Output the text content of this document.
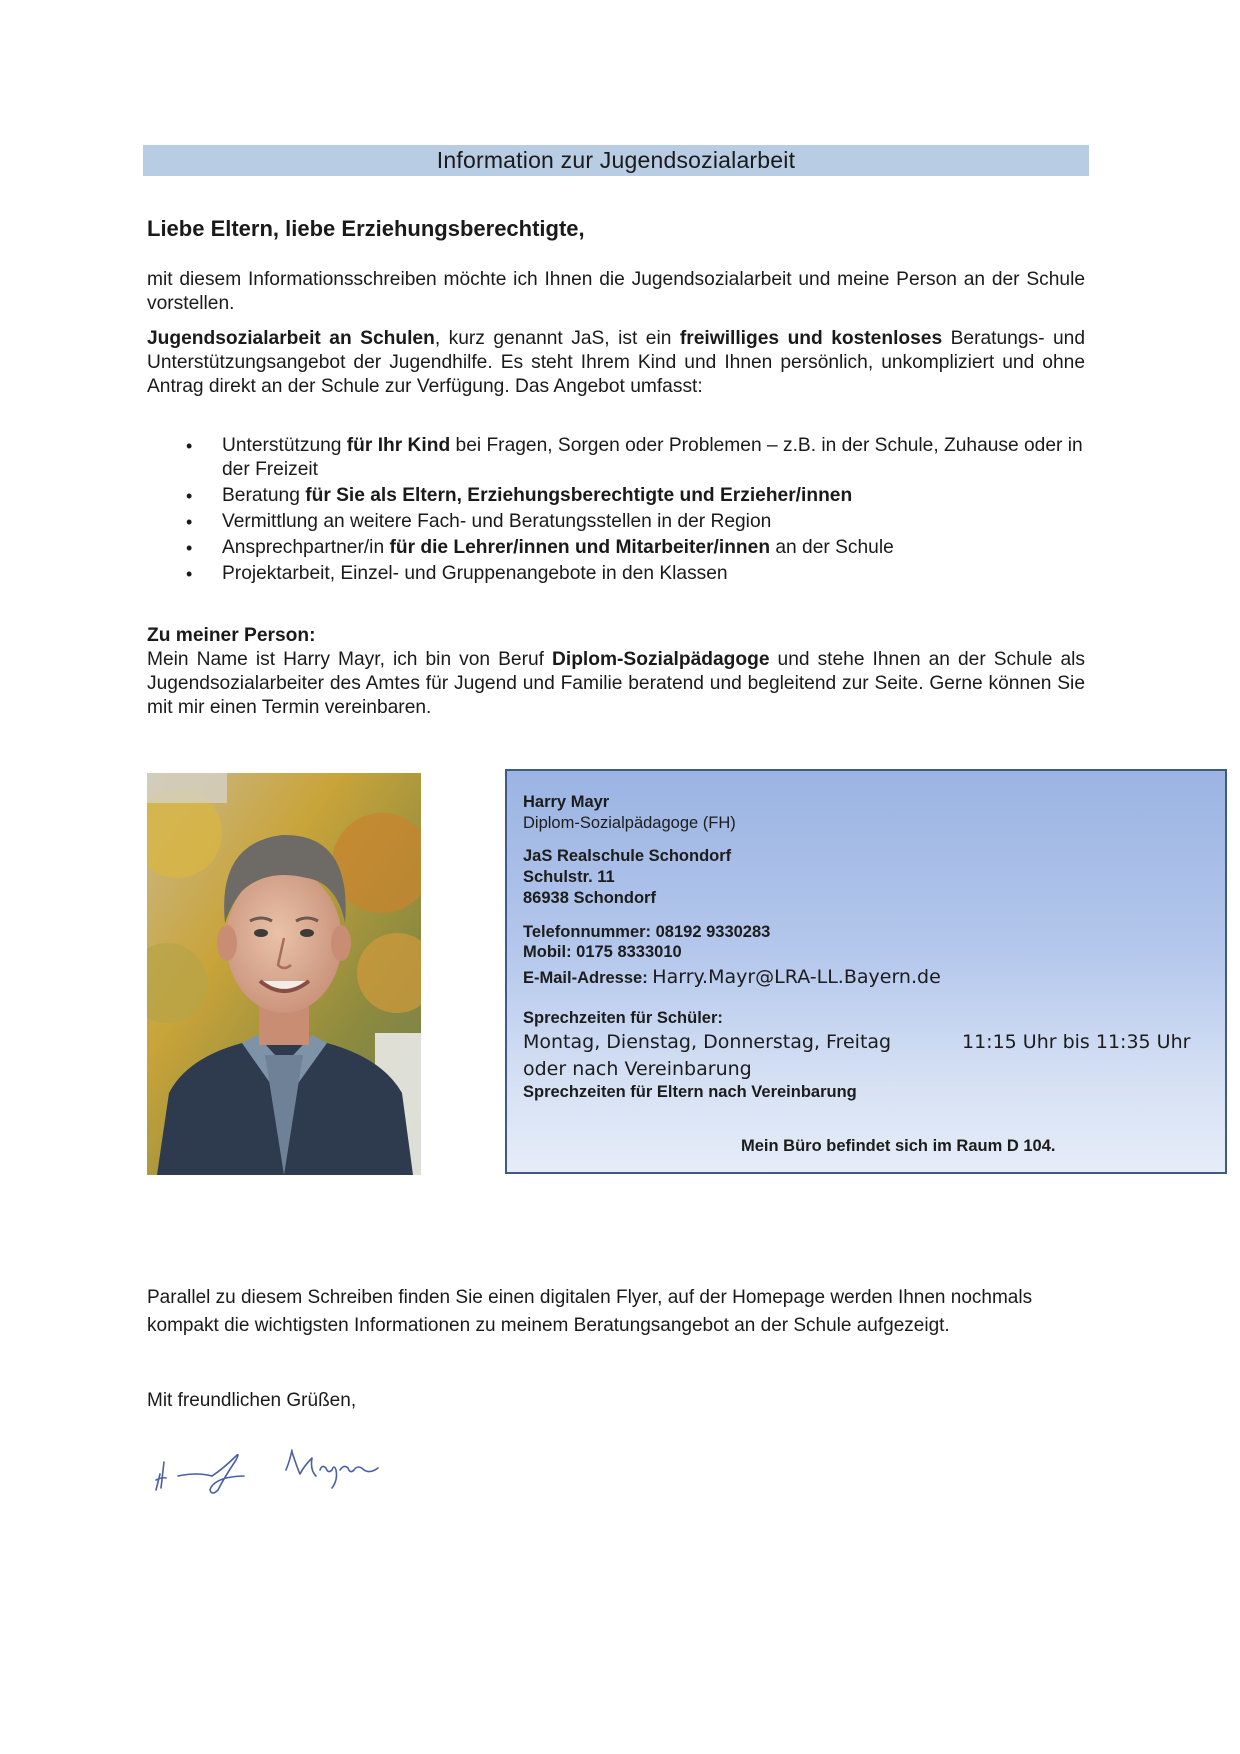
Information zur Jugendsozialarbeit
Liebe Eltern, liebe Erziehungsberechtigte,

mit diesem Informationsschreiben möchte ich Ihnen die Jugendsozialarbeit und meine Person an der Schule vorstellen.

Jugendsozialarbeit an Schulen, kurz genannt JaS, ist ein freiwilliges und kostenloses Beratungs- und Unterstützungsangebot der Jugendhilfe. Es steht Ihrem Kind und Ihnen persönlich, unkompliziert und ohne Antrag direkt an der Schule zur Verfügung. Das Angebot umfasst:

• Unterstützung für Ihr Kind bei Fragen, Sorgen oder Problemen – z.B. in der Schule, Zuhause oder in der Freizeit
• Beratung für Sie als Eltern, Erziehungsberechtigte und Erzieher/innen
• Vermittlung an weitere Fach- und Beratungsstellen in der Region
• Ansprechpartner/in für die Lehrer/innen und Mitarbeiter/innen an der Schule
• Projektarbeit, Einzel- und Gruppenangebote in den Klassen
Zu meiner Person:

Mein Name ist Harry Mayr, ich bin von Beruf Diplom-Sozialpädagoge und stehe Ihnen an der Schule als Jugendsozialarbeiter des Amtes für Jugend und Familie beratend und begleitend zur Seite. Gerne können Sie mit mir einen Termin vereinbaren.

Harry Mayr

Diplom-Sozialpädagoge (FH)

JaS Realschule Schondorf

Schulstr. 11

86938 Schondorf

Telefonnummer: 08192 9330283

Mobil: 0175 8333010

E-Mail-Adresse: Harry.Mayr@LRA-LL.Bayern.de

Sprechzeiten für Schüler:

Montag, Dienstag, Donnerstag, Freitag	11:15 Uhr bis 11:35 Uhr

oder nach Vereinbarung

Sprechzeiten für Eltern nach Vereinbarung

Mein Büro befindet sich im Raum D 104.

Parallel zu diesem Schreiben finden Sie einen digitalen Flyer, auf der Homepage werden Ihnen nochmals kompakt die wichtigsten Informationen zu meinem Beratungsangebot an der Schule aufgezeigt.

Mit freundlichen Grüßen,
